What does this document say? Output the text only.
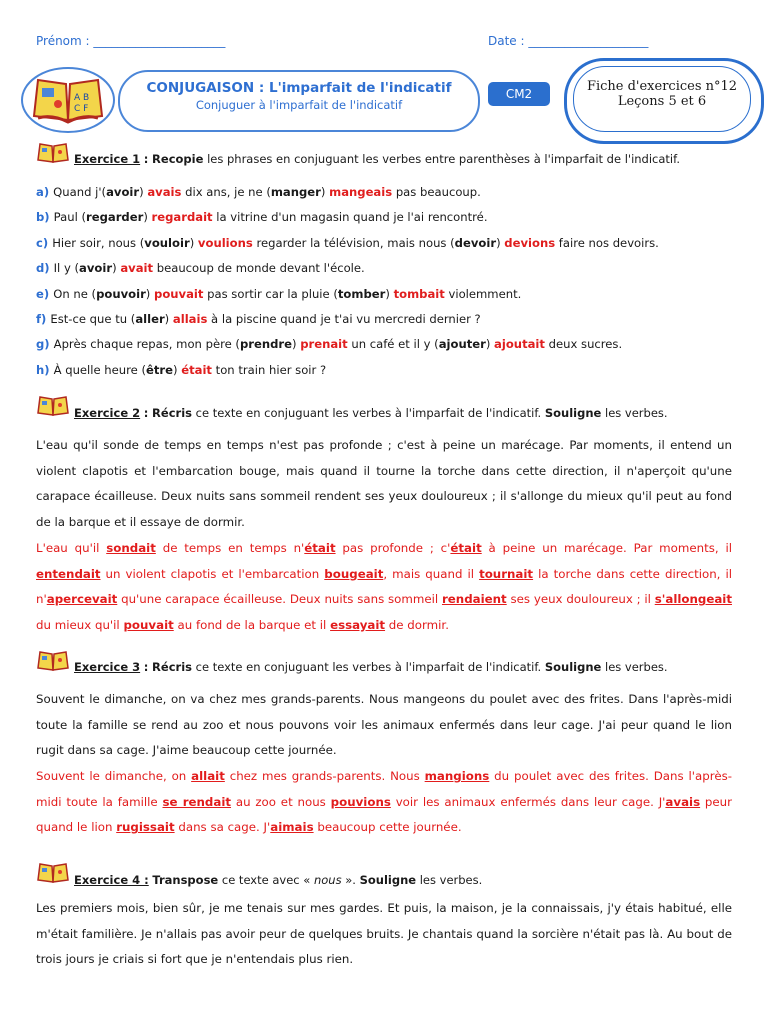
Prénom : ______________________	Date : ____________________
A B
C F
CONJUGAISON : L'imparfait de l'indicatif
Conjuguer à l'imparfait de l'indicatif
CM2	Fiche d'exercices n°12
Leçons 5 et 6
Exercice 1 : Recopie les phrases en conjuguant les verbes entre parenthèses à l'imparfait de l'indicatif.
a) Quand j'(avoir) avais dix ans, je ne (manger) mangeais pas beaucoup.
b) Paul (regarder) regardait la vitrine d'un magasin quand je l'ai rencontré.
c) Hier soir, nous (vouloir) voulions regarder la télévision, mais nous (devoir) devions faire nos devoirs.
d) Il y (avoir) avait beaucoup de monde devant l'école.
e) On ne (pouvoir) pouvait pas sortir car la pluie (tomber) tombait violemment.
f) Est-ce que tu (aller) allais à la piscine quand je t'ai vu mercredi dernier ?
g) Après chaque repas, mon père (prendre) prenait un café et il y (ajouter) ajoutait deux sucres.
h) À quelle heure (être) était ton train hier soir ?
Exercice 2 : Récris ce texte en conjuguant les verbes à l'imparfait de l'indicatif. Souligne les verbes.
L'eau qu'il sonde de temps en temps n'est pas profonde ; c'est à peine un marécage. Par moments, il entend un violent clapotis et l'embarcation bouge, mais quand il tourne la torche dans cette direction, il n'aperçoit qu'une carapace écailleuse. Deux nuits sans sommeil rendent ses yeux douloureux ; il s'allonge du mieux qu'il peut au fond de la barque et il essaye de dormir.
L'eau qu'il sondait de temps en temps n'était pas profonde ; c'était à peine un marécage. Par moments, il entendait un violent clapotis et l'embarcation bougeait, mais quand il tournait la torche dans cette direction, il n'apercevait qu'une carapace écailleuse. Deux nuits sans sommeil rendaient ses yeux douloureux ; il s'allongeait du mieux qu'il pouvait au fond de la barque et il essayait de dormir.
Exercice 3 : Récris ce texte en conjuguant les verbes à l'imparfait de l'indicatif. Souligne les verbes.
Souvent le dimanche, on va chez mes grands-parents. Nous mangeons du poulet avec des frites. Dans l'après-midi toute la famille se rend au zoo et nous pouvons voir les animaux enfermés dans leur cage. J'ai peur quand le lion rugit dans sa cage. J'aime beaucoup cette journée.
Souvent le dimanche, on allait chez mes grands-parents. Nous mangions du poulet avec des frites. Dans l'après-midi toute la famille se rendait au zoo et nous pouvions voir les animaux enfermés dans leur cage. J'avais peur quand le lion rugissait dans sa cage. J'aimais beaucoup cette journée.
Exercice 4 : Transpose ce texte avec « nous ». Souligne les verbes.
Les premiers mois, bien sûr, je me tenais sur mes gardes. Et puis, la maison, je la connaissais, j'y étais habitué, elle m'était familière. Je n'allais pas avoir peur de quelques bruits. Je chantais quand la sorcière n'était pas là. Au bout de trois jours je criais si fort que je n'entendais plus rien.
